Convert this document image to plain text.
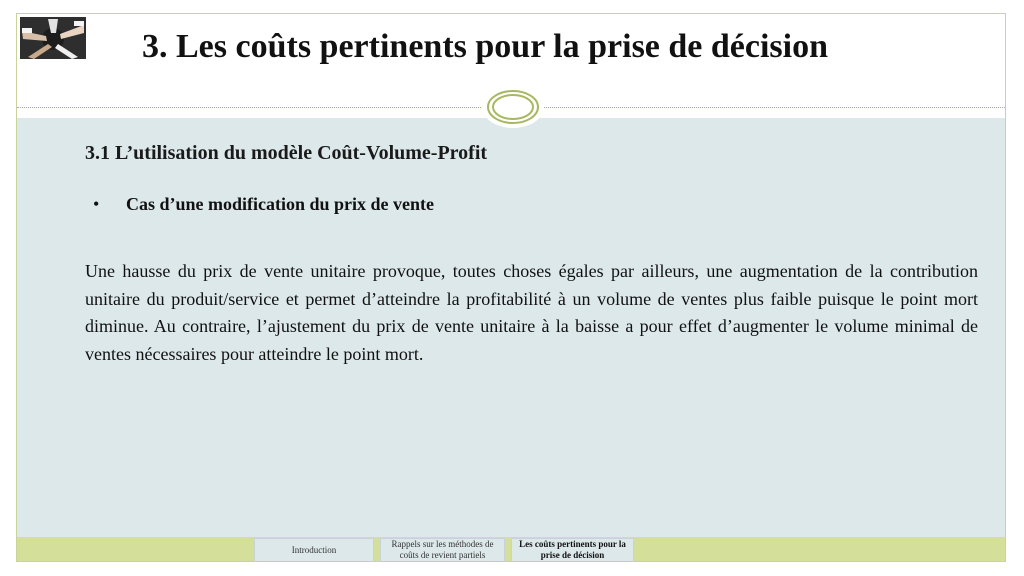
3. Les coûts pertinents pour la prise de décision
3.1 L’utilisation du modèle Coût-Volume-Profit
• Cas d’une modification du prix de vente
Une hausse du prix de vente unitaire provoque, toutes choses égales par ailleurs, une augmentation de la contribution unitaire du produit/service et permet d’atteindre la profitabilité à un volume de ventes plus faible puisque le point mort diminue. Au contraire, l’ajustement du prix de vente unitaire à la baisse a pour effet d’augmenter le volume minimal de ventes nécessaires pour atteindre le point mort.
Introduction
Rappels sur les méthodes de coûts de revient partiels
Les coûts pertinents pour la prise de décision
